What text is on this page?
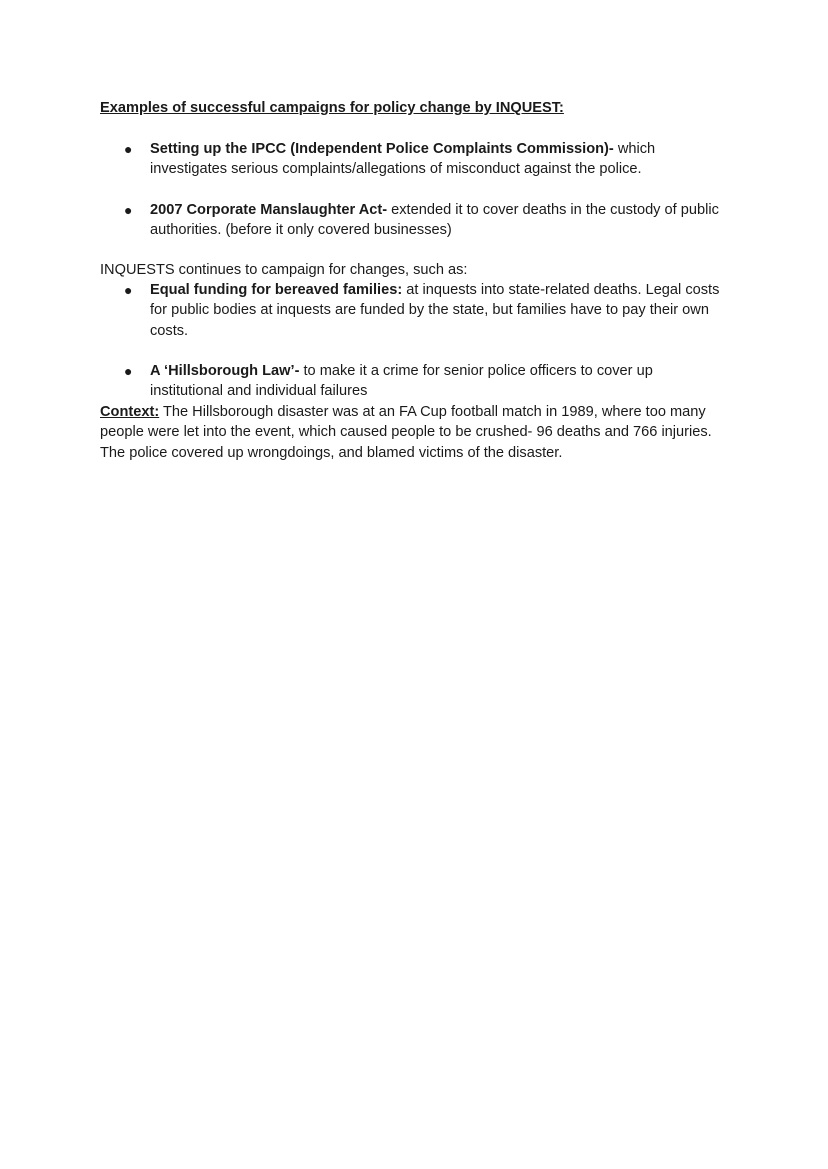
Examples of successful campaigns for policy change by INQUEST:

●	Setting up the IPCC (Independent Police Complaints Commission)- which investigates serious complaints/allegations of misconduct against the police.
●	2007 Corporate Manslaughter Act- extended it to cover deaths in the custody of public authorities. (before it only covered businesses)

INQUESTS continues to campaign for changes, such as:

●	Equal funding for bereaved families: at inquests into state-related deaths. Legal costs for public bodies at inquests are funded by the state, but families have to pay their own costs.
●	A ‘Hillsborough Law’- to make it a crime for senior police officers to cover up institutional and individual failures

Context: The Hillsborough disaster was at an FA Cup football match in 1989, where too many people were let into the event, which caused people to be crushed- 96 deaths and 766 injuries. The police covered up wrongdoings, and blamed victims of the disaster.
